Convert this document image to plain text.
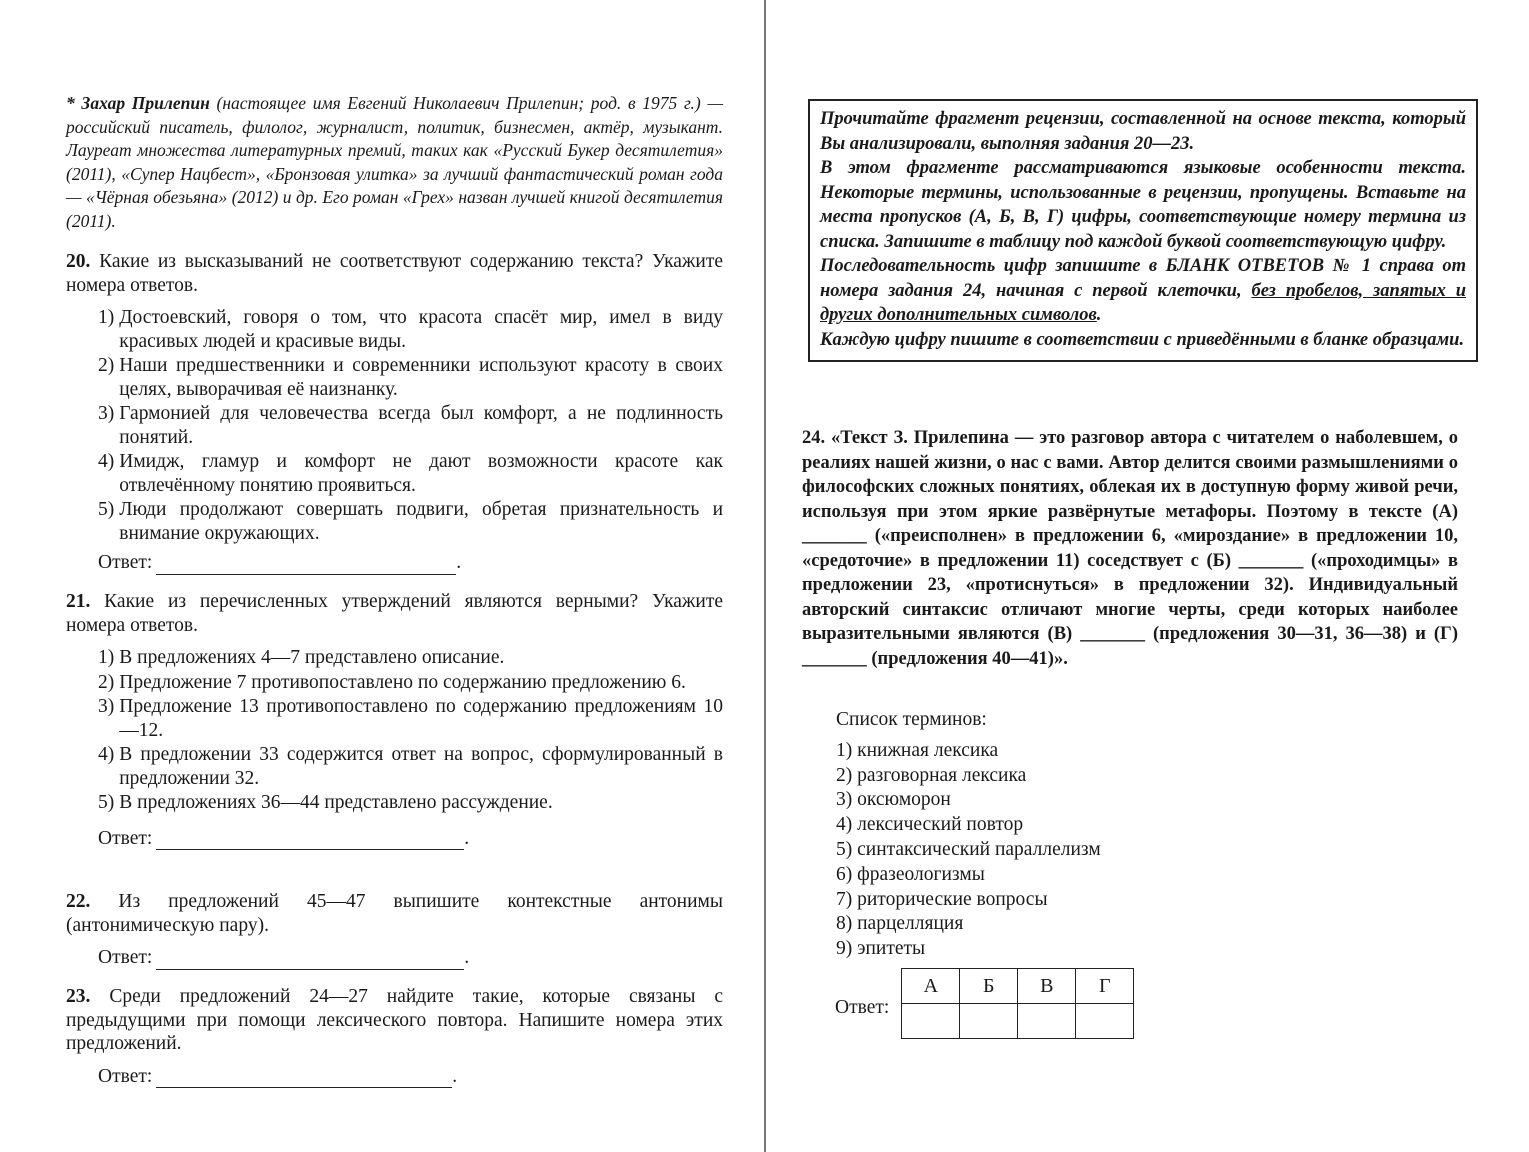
* Захар Прилепин (настоящее имя Евгений Николаевич Прилепин; род. в 1975 г.) — российский писатель, филолог, журналист, политик, бизнесмен, актёр, музыкант. Лауреат множества литературных премий, таких как «Русский Букер десятилетия» (2011), «Супер Нацбест», «Бронзовая улитка» за лучший фантастический роман года — «Чёрная обезьяна» (2012) и др. Его роман «Грех» назван лучшей книгой десятилетия (2011).
20. Какие из высказываний не соответствуют содержанию текста? Укажите номера ответов.
1) Достоевский, говоря о том, что красота спасёт мир, имел в виду красивых людей и красивые виды.
2) Наши предшественники и современники используют красоту в своих целях, выворачивая её наизнанку.
3) Гармонией для человечества всегда был комфорт, а не подлинность понятий.
4) Имидж, гламур и комфорт не дают возможности красоте как отвлечённому понятию проявиться.
5) Люди продолжают совершать подвиги, обретая признательность и внимание окружающих.
Ответ:	.
21. Какие из перечисленных утверждений являются верными? Укажите номера ответов.
1) В предложениях 4—7 представлено описание.
2) Предложение 7 противопоставлено по содержанию предложению 6.
3) Предложение 13 противопоставлено по содержанию предложениям 10—12.
4) В предложении 33 содержится ответ на вопрос, сформулированный в предложении 32.
5) В предложениях 36—44 представлено рассуждение.
Ответ:	.
22. Из предложений 45—47 выпишите контекстные антонимы (антонимическую пару).
Ответ:	.
23. Среди предложений 24—27 найдите такие, которые связаны с предыдущими при помощи лексического повтора. Напишите номера этих предложений.
Ответ:	.
Прочитайте фрагмент рецензии, составленной на основе текста, который Вы анализировали, выполняя задания 20—23.
В этом фрагменте рассматриваются языковые особенности текста. Некоторые термины, использованные в рецензии, пропущены. Вставьте на места пропусков (А, Б, В, Г) цифры, соответствующие номеру термина из списка. Запишите в таблицу под каждой буквой соответствующую цифру.
Последовательность цифр запишите в БЛАНК ОТВЕТОВ № 1 справа от номера задания 24, начиная с первой клеточки, без пробелов, запятых и других дополнительных символов.
Каждую цифру пишите в соответствии с приведёнными в бланке образцами.
24. «Текст З. Прилепина — это разговор автора с читателем о наболевшем, о реалиях нашей жизни, о нас с вами. Автор делится своими размышлениями о философских сложных понятиях, облекая их в доступную форму живой речи, используя при этом яркие развёрнутые метафоры. Поэтому в тексте (А) _______ («преисполнен» в предложении 6, «мироздание» в предложении 10, «средоточие» в предложении 11) соседствует с (Б) _______ («проходимцы» в предложении 23, «протиснуться» в предложении 32). Индивидуальный авторский синтаксис отличают многие черты, среди которых наиболее выразительными являются (В) _______ (предложения 30—31, 36—38) и (Г) _______ (предложения 40—41)».
Список терминов:
1) книжная лексика
2) разговорная лексика
3) оксюморон
4) лексический повтор
5) синтаксический параллелизм
6) фразеологизмы
7) риторические вопросы
8) парцелляция
9) эпитеты
Ответ:
А	Б	В	Г
